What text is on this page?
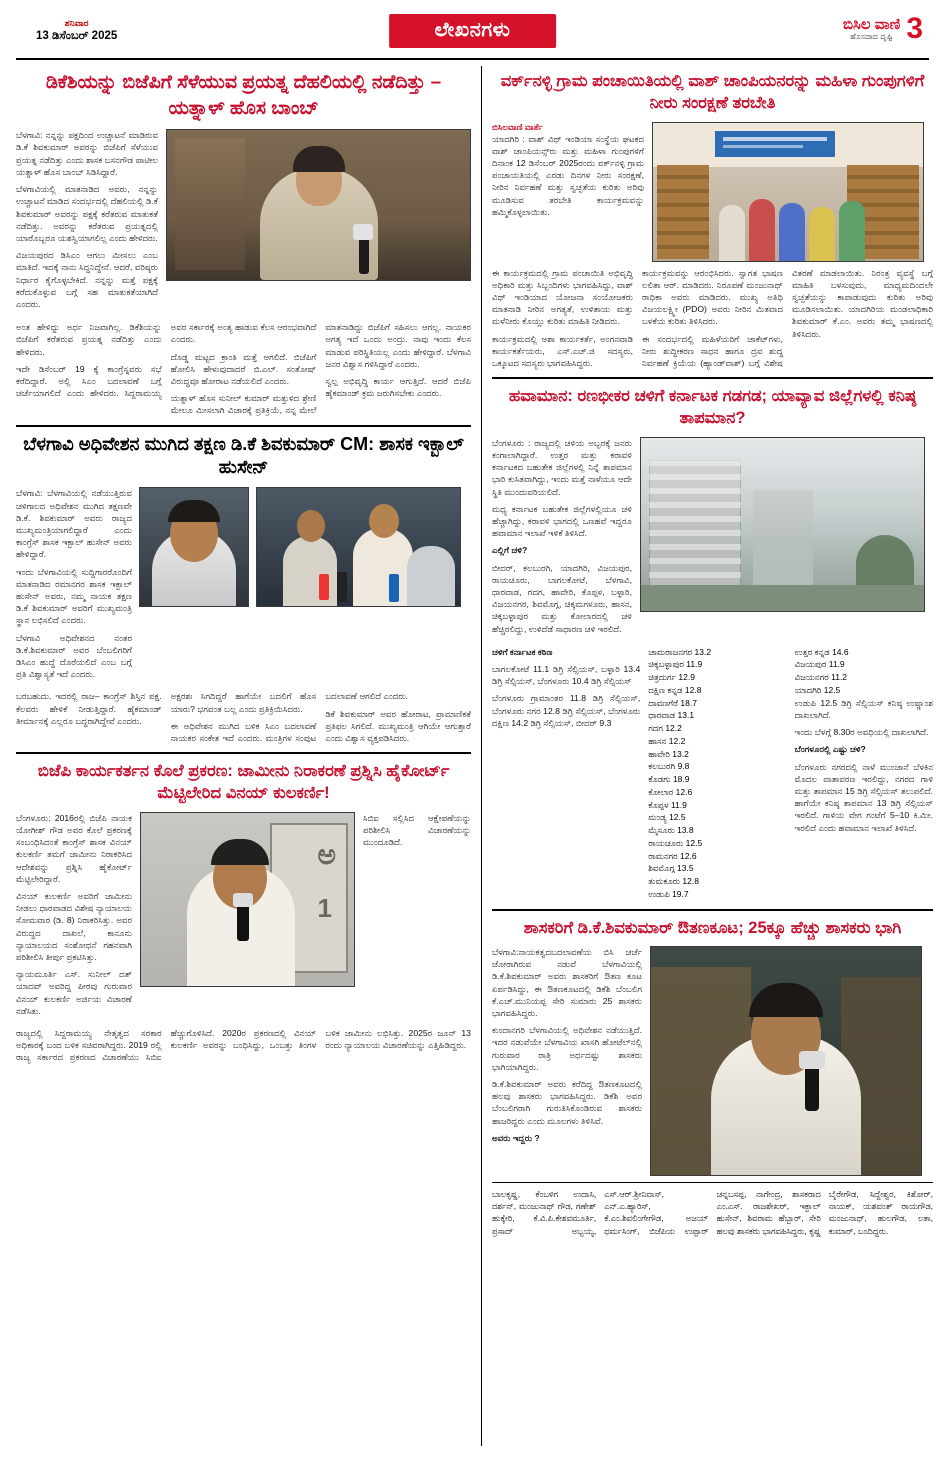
ಶನಿವಾರ
13 ಡಿಸೆಂಬರ್ 2025	ಲೇಖನಗಳು	ಬಿಸಿಲ ವಾಣಿ
ಹೊಸದಾದ ದೃಷ್ಟಿ 3
ಡಿಕೆಶಿಯನ್ನು ಬಿಜೆಪಿಗೆ ಸೆಳೆಯುವ ಪ್ರಯತ್ನ ದೆಹಲಿಯಲ್ಲಿ ನಡೆದಿತ್ತು – ಯತ್ನಾಳ್ ಹೊಸ ಬಾಂಬ್

ಬೆಳಗಾವಿ: ನನ್ನನ್ನು ಪಕ್ಷದಿಂದ ಉಚ್ಚಾಟನೆ ಮಾಡಿರುವ ಡಿ.ಕೆ ಶಿವಕುಮಾರ್ ಅವರನ್ನು ಬಿಜೆಪಿಗೆ ಸೆಳೆಯುವ ಪ್ರಯತ್ನ ನಡೆದಿತ್ತು ಎಂದು ಶಾಸಕ ಬಸನಗೌಡ ಪಾಟೀಲ ಯತ್ನಾಳ್ ಹೊಸ ಬಾಂಬ್ ಸಿಡಿಸಿದ್ದಾರೆ.

ಬೆಳಗಾವಿಯಲ್ಲಿ ಮಾತನಾಡಿದ ಅವರು, ನನ್ನನ್ನು ಉಚ್ಚಾಟನೆ ಮಾಡಿದ ಸಂದರ್ಭದಲ್ಲಿ ದೆಹಲಿಯಲ್ಲಿ ಡಿ.ಕೆ ಶಿವಕುಮಾರ್ ಅವರನ್ನು ಪಕ್ಷಕ್ಕೆ ಕರೆತರುವ ಮಾತುಕತೆ ನಡೆದಿತ್ತು. ಅವರನ್ನು ಕರೆತರುವ ಪ್ರಯತ್ನದಲ್ಲಿ ಯಾರೊಬ್ಬರೂ ಯಶಸ್ವಿಯಾಗಲಿಲ್ಲ ಎಂದು ಹೇಳಿದರು.

ವಿಜಯಪುರದ ಡಿಸಿಎಂ ಆಗಲು ಮೀಸಲು ಎಂಬ ಮಾತಿದೆ. ಇದಕ್ಕೆ ನಾನು ಸಿದ್ಧನಿದ್ದೇನೆ. ಆದರೆ, ವರಿಷ್ಠರು ನಿರ್ಧಾರ ಕೈಗೊಳ್ಳಬೇಕಿದೆ. ನನ್ನನ್ನು ಮತ್ತೆ ಪಕ್ಷಕ್ಕೆ ಕರೆದುಕೊಳ್ಳುವ ಬಗ್ಗೆ ಸಹ ಮಾತುಕತೆಯಾಗಿದೆ ಎಂದರು.

ಅಂತ ಹೇಳಿದ್ದು ಅರ್ಧ ನಿಜವಾಗಿಲ್ಲ. ಡಿಕೆಶಿಯನ್ನು ಬಿಜೆಪಿಗೆ ಕರೆತರುವ ಪ್ರಯತ್ನ ನಡೆದಿತ್ತು ಎಂದು ಹೇಳಿದರು.

ಇದೇ ಡಿಸೆಂಬರ್ 19 ಕ್ಕೆ ಕಾಂಗ್ರೆಸ್ನವರು ಸಭೆ ಕರೆದಿದ್ದಾರೆ. ಅಲ್ಲಿ ಸಿಎಂ ಬದಲಾವಣೆ ಬಗ್ಗೆ ಚರ್ಚೆಯಾಗಲಿದೆ ಎಂದು ಹೇಳಿದರು. ಸಿದ್ದರಾಮಯ್ಯ ಅವರ ಸರ್ಕಾರಕ್ಕೆ ಅಂತ್ಯ ಹಾಡುವ ಕೆಲಸ ಆರಂಭವಾಗಿದೆ ಎಂದರು.

ದೊಡ್ಡ ಮಟ್ಟದ ಕ್ರಾಂತಿ ಮತ್ತೆ ಆಗಲಿದೆ. ಬಿಜೆಪಿಗೆ ಹೋಲಿಸಿ ಹೇಳುವುದಾದರೆ ಬಿ.ಎಲ್. ಸಂತೋಷ್ ವಿರುದ್ಧವೂ ಹೋರಾಟ ನಡೆಯಲಿದೆ ಎಂದರು.

ಯತ್ನಾಳ್ ಹೊಸ ಸುನೀಲ್ ಕುಮಾರ್ ಮತ್ತುಳಿದ ಶ್ರೇಣಿ ಮೇಲೂ ಮೀಸಲಾಗಿ ವಿಚಾರಕ್ಕೆ ಪ್ರತಿಕ್ರಿಯೆ, ನನ್ನ ಮೇಲೆ ಮಾತನಾಡಿದ್ದು ಬಿಜೆಪಿಗೆ ಸಹಿಸಲು ಆಗಲ್ಲ. ನಾಯಕರ ಅಗತ್ಯ ಇದೆ ಒಂದು ಅಂದ್ರು. ನಾವು ಇಂದು ಕೆಲಸ ಮಾಡುವ ಪರಿಸ್ಥಿತಿಯಲ್ಲ ಎಂದು ಹೇಳಿದ್ದಾರೆ. ಬೆಳಗಾವಿ ಜನರ ವಿಶ್ವಾಸ ಗಳಿಸಿದ್ದಾರೆ ಎಂದರು.

ಸ್ವಲ್ಪ ಅಭಿವೃದ್ಧಿ ಕಾರ್ಯ ಆಗುತ್ತಿದೆ. ಆದರೆ ಬಿಜೆಪಿ ಹೈಕಮಾಂಡ್ ಕ್ರಮ ಜರುಗಿಸಬೇಕು ಎಂದರು.

ಬೆಳಗಾವಿ ಅಧಿವೇಶನ ಮುಗಿದ ತಕ್ಷಣ ಡಿ.ಕೆ ಶಿವಕುಮಾರ್ CM: ಶಾಸಕ ಇಕ್ಬಾಲ್ ಹುಸೇನ್

ಬೆಳಗಾವಿ: ಬೆಳಗಾವಿಯಲ್ಲಿ ನಡೆಯುತ್ತಿರುವ ಚಳಿಗಾಲದ ಅಧಿವೇಶನ ಮುಗಿದ ತಕ್ಷಣವೇ ಡಿ.ಕೆ. ಶಿವಕುಮಾರ್ ಅವರು ರಾಜ್ಯದ ಮುಖ್ಯಮಂತ್ರಿಯಾಗಲಿದ್ದಾರೆ ಎಂದು ಕಾಂಗ್ರೆಸ್ ಶಾಸಕ ಇಕ್ಬಾಲ್ ಹುಸೇನ್ ಅವರು ಹೇಳಿದ್ದಾರೆ.

ಇಂದು ಬೆಳಗಾವಿಯಲ್ಲಿ ಸುದ್ದಿಗಾರರೊಂದಿಗೆ ಮಾತನಾಡಿದ ರಮಾನಗರ ಶಾಸಕ ಇಕ್ಬಾಲ್ ಹುಸೇನ್ ಅವರು, ನಮ್ಮ ನಾಯಕ ತಕ್ಷಣ ಡಿ.ಕೆ ಶಿವಕುಮಾರ್ ಅವರಿಗೆ ಮುಖ್ಯಮಂತ್ರಿ ಸ್ಥಾನ ಲಭಿಸಲಿದೆ ಎಂದರು.

ಬೆಳಗಾವಿ ಅಧಿವೇಶನದ ನಂತರ ಡಿ.ಕೆ.ಶಿವಕುಮಾರ್ ಅವರ ಬೆಂಬಲಿಗರಿಗೆ ಡಿಸಿಎಂ ಹುದ್ದೆ ದೊರೆಯಲಿದೆ ಎಂಬ ಬಗ್ಗೆ ಪ್ರತಿ ವಿಶ್ವಾಸ್ಯತೆ ಇದೆ ಎಂದರು.

ಬರಬಹುದು. ಇದರಲ್ಲಿ ರಾಜ– ಕಾಂಗ್ರೆಸ್ ಶಿಸ್ತಿನ ಪಕ್ಷ. ಕೆಲವರು ಹೇಳಿಕೆ ನೀಡುತ್ತಿದ್ದಾರೆ. ಹೈಕಮಾಂಡ್ ತೀರ್ಮಾನಕ್ಕೆ ಎಲ್ಲರೂ ಬದ್ಧರಾಗಿದ್ದೇವೆ ಎಂದರು.

ಅಕ್ಷರಶಃ ಸಿಗದಿದ್ದರೆ ಹಾಗೆಯೇ ಬದಲಿಗೆ ಹೊಸ ಯಾರು? ಭಗವಂತ ಬಲ್ಲ ಎಂದು ಪ್ರತಿಕ್ರಿಯಿಸಿದರು.

ಈ ಅಧಿವೇಶನ ಮುಗಿದ ಬಳಿಕ ಸಿಎಂ ಬದಲಾವಣೆ ನಾಯಕರ ಸಂಕೇತ ಇದೆ ಎಂದರು. ಮಂತ್ರಿಗಳ ಸಂಪುಟ ಬದಲಾವಣೆ ಆಗಲಿದೆ ಎಂದರು.

ಡಿಕೆ ಶಿವಕುಮಾರ್ ಅವರ ಹೋರಾಟ, ಪ್ರಾಮಾಣಿಕತೆ ಪ್ರತಿಫಲ ಸಿಗಲಿದೆ. ಮುಖ್ಯಮಂತ್ರಿ ಆಗಿಯೇ ಆಗುತ್ತಾರೆ ಎಂದು ವಿಶ್ವಾಸ ವ್ಯಕ್ತಪಡಿಸಿದರು.

ಬಿಜೆಪಿ ಕಾರ್ಯಕರ್ತನ ಕೊಲೆ ಪ್ರಕರಣ: ಜಾಮೀನು ನಿರಾಕರಣೆ ಪ್ರಶ್ನಿಸಿ ಹೈಕೋರ್ಟ್ ಮೆಟ್ಟಿಲೇರಿದ ವಿನಯ್ ಕುಲಕರ್ಣಿ!

ಬೆಂಗಳೂರು: 2016ರಲ್ಲಿ ಬಿಜೆಪಿ ನಾಯಕ ಯೋಗೀಶ್ ಗೌಡ ಅವರ ಕೊಲೆ ಪ್ರಕರಣಕ್ಕೆ ಸಂಬಂಧಿಸಿದಂತೆ ಕಾಂಗ್ರೆಸ್ ಶಾಸಕ ವಿನಯ್ ಕುಲಕರ್ಣಿ ತಮಗೆ ಜಾಮೀನು ನಿರಾಕರಿಸಿದ ಆದೇಶವನ್ನು ಪ್ರಶ್ನಿಸಿ ಹೈಕೋರ್ಟ್ ಮೆಟ್ಟಿಲೇರಿದ್ದಾರೆ.

ವಿನಯ್ ಕುಲಕರ್ಣಿ ಅವರಿಗೆ ಜಾಮೀನು ನೀಡಲು ಧಾರವಾಡದ ವಿಶೇಷ ನ್ಯಾಯಾಲಯ ಸೋಮವಾರ (ಡಿ. 8) ನಿರಾಕರಿಸಿತ್ತು. ಅವರ ವಿರುದ್ಧದ ದಾಖಲೆ, ಕಾನೂನು ನ್ಯಾಯಾಲಯದ ಸಂಶೋಧನೆ ಗಹನವಾಗಿ ಪರಿಶೀಲಿಸಿ ತೀರ್ಪು ಪ್ರಕಟಿಸಿತ್ತು.

ನ್ಯಾಯಮೂರ್ತಿ ಎಸ್. ಸುನೀಲ್ ದತ್ ಯಾದವ್ ಅವರಿದ್ದ ಪೀಠವು ಗುರುವಾರ ವಿನಯ್ ಕುಲಕರ್ಣಿ ಅರ್ಜಿಯ ವಿಚಾರಣೆ ನಡೆಸಿತು.

ಅ
1

ಸಿಬಿಐ ಸಲ್ಲಿಸಿದ ಆಕ್ಷೇಪಣೆಯನ್ನು ಪರಿಶೀಲಿಸಿ ವಿಚಾರಣೆಯನ್ನು ಮುಂದೂಡಿದೆ.

ರಾಜ್ಯದಲ್ಲಿ ಸಿದ್ದರಾಮಯ್ಯ ನೇತೃತ್ವದ ಸರಕಾರ ಅಧಿಕಾರಕ್ಕೆ ಬಂದ ಬಳಿಕ ಸಚಿವರಾಗಿದ್ದರು. 2019 ರಲ್ಲಿ ರಾಜ್ಯ ಸರ್ಕಾರದ ಪ್ರಕರಣದ ವಿಚಾರಣೆಯು ಸಿಬಿಐ ಹೆಚ್ಚುಗೊಳಿಸಿದೆ. 2020ರ ಪ್ರಕರಣದಲ್ಲಿ ವಿನಯ್ ಕುಲಕರ್ಣಿ ಅವರನ್ನು ಬಂಧಿಸಿದ್ದು, ಒಂಬತ್ತು ತಿಂಗಳ ಬಳಿಕ ಜಾಮೀನು ಲಭಿಸಿತ್ತು. 2025ರ ಜೂನ್ 13 ರಂದು ನ್ಯಾಯಾಲಯ ವಿಚಾರಣೆಯನ್ನು ಎತ್ತಿಹಿಡಿದ್ದರು.

ವರ್ಕ್‌ನಳ್ಳಿ ಗ್ರಾಮ ಪಂಚಾಯಿತಿಯಲ್ಲಿ ವಾಶ್ ಚಾಂಪಿಯನರನ್ನು ಮಹಿಳಾ ಗುಂಪುಗಳಿಗೆ ನೀರು ಸಂರಕ್ಷಣೆ ತರಬೇತಿ
ಬಿಸಿಲವಾಣಿ ವಾರ್ತೆ

ಯಾದಗಿರಿ : ವಾಶ್ ವಿಥ್ ಇಂಡಿಯಾ ಸಂಸ್ಥೆಯ ಘಟಕದ ವಾಶ್ ಚಾಂಪಿಯನ್ಸ್‌ರು ಮತ್ತು ಮಹಿಳಾ ಗುಂಪುಗಳಿಗೆ ದಿನಾಂಕ 12 ಡಿಸೆಂಬರ್ 2025ರಂದು ವರ್ಕ್‌ನಳ್ಳಿ ಗ್ರಾಮ ಪಂಚಾಯತಿಯಲ್ಲಿ ಎರಡು ದಿನಗಳ ನೀರು ಸಂರಕ್ಷಣೆ, ನೀರಿನ ನಿರ್ವಹಣೆ ಮತ್ತು ಸ್ವಚ್ಛತೆಯ ಕುರಿತು ಅರಿವು ಮೂಡಿಸುವ ತರಬೇತಿ ಕಾರ್ಯಕ್ರಮವನ್ನು ಹಮ್ಮಿಕೊಳ್ಳಲಾಯಿತು.

ಈ ಕಾರ್ಯಕ್ರಮದಲ್ಲಿ ಗ್ರಾಮ ಪಂಚಾಯಿತಿ ಅಭಿವೃದ್ಧಿ ಅಧಿಕಾರಿ ಮತ್ತು ಸಿಬ್ಬಂದಿಗಳು ಭಾಗವಹಿಸಿದ್ದು, ವಾಶ್ ವಿಥ್ ಇಂಡಿಯಾದ ಯೋಜನಾ ಸಂಯೋಜಕರು ಮಾತನಾಡಿ ನೀರಿನ ಅಗತ್ಯತೆ, ಉಳಿತಾಯ ಮತ್ತು ಮಳೆನೀರು ಕೊಯ್ಲು ಕುರಿತು ಮಾಹಿತಿ ನೀಡಿದರು.

ಕಾರ್ಯಕ್ರಮದಲ್ಲಿ ಆಶಾ ಕಾರ್ಯಕರ್ತೆ, ಅಂಗನವಾಡಿ ಕಾರ್ಯಕರ್ತೆಯರು, ಎಸ್.ಎಚ್.ಜಿ ಸದಸ್ಯರು, ಒಕ್ಕೂಟದ ಸದಸ್ಯರು ಭಾಗವಹಿಸಿದ್ದರು.

ಕಾರ್ಯಕ್ರಮವನ್ನು ಆರಂಭಿಸಿದರು. ಸ್ವಾಗತ ಭಾಷಣ ಲಲಿತಾ ಆರ್. ಮಾಡಿದರು. ನಿರೂಪಣೆ ಮಂಜುನಾಥ್ ರಾಧಿಕಾ ಅವರು ಮಾಡಿದರು. ಮುಖ್ಯ ಅತಿಥಿ ವಿಜಯಲಕ್ಷ್ಮೀ (PDO) ಅವರು ನೀರಿನ ಮಿತವಾದ ಬಳಕೆಯ ಕುರಿತು ತಿಳಿಸಿದರು.

ಈ ಸಂದರ್ಭದಲ್ಲಿ ಮಹಿಳೆಯರಿಗೆ ಜಾಕೆಟ್‌ಗಳು, ನೀರು ಶುದ್ಧೀಕರಣ ಸಾಧನ ಹಾಗೂ ದ್ರವ ಶುದ್ಧ ನಿರ್ವಹಣೆ ಕ್ರಿಯೆಯ (ಹ್ಯಾಂಡ್‌ವಾಶ್) ಬಗ್ಗೆ ವಿಶೇಷ ವಿತರಣೆ ಮಾಡಲಾಯಿತು. ನಿರಂತ್ರ ವ್ಯವಸ್ಥೆ ಬಗ್ಗೆ ಮಾಹಿತಿ ಬಳಸುವುದು, ಮಾಧ್ಯಮದಿಂದಲೇ ಸ್ವಚ್ಛತೆಯನ್ನು ಕಾಪಾಡುವುದು ಕುರಿತು ಅರಿವು ಮೂಡಿಸಲಾಯಿತು. ಯಾದಗಿರಿಯ ಮಂಡಲಾಧಿಕಾರಿ ಶಿವಕುಮಾರ್ ಕೆ.ಎಂ. ಅವರು ತಮ್ಮ ಭಾಷಣದಲ್ಲಿ ತಿಳಿಸಿದರು.

ಹವಾಮಾನ: ರಣಭೀಕರ ಚಳಿಗೆ ಕರ್ನಾಟಕ ಗಡಗಡ; ಯಾವ್ಯಾವ ಜಿಲ್ಲೆಗಳಲ್ಲಿ ಕನಿಷ್ಠ ತಾಪಮಾನ?

ಬೆಂಗಳೂರು : ರಾಜ್ಯದಲ್ಲಿ ಚಳಿಯ ಅಬ್ಬರಕ್ಕೆ ಜನರು ಕಂಗಾಲಾಗಿದ್ದಾರೆ. ಉತ್ತರ ಮತ್ತು ಕರಾವಳಿ ಕರ್ನಾಟಕದ ಬಹುತೇಕ ಜಿಲ್ಲೆಗಳಲ್ಲಿ ನಿನ್ನೆ ತಾಪಮಾನ ಭಾರಿ ಕುಸಿತವಾಗಿದ್ದು, ಇಂದು ಮತ್ತೆ ನಾಳೆಯೂ ಆದೇ ಸ್ಥಿತಿ ಮುಂದುವರಿಯಲಿದೆ.

ಮಧ್ಯ ಕರ್ನಾಟಕ ಬಹುತೇಕ ಜಿಲ್ಲೆಗಳಲ್ಲಿಯೂ ಚಳಿ ಹೆಚ್ಚಾಗಿದ್ದು, ಕರಾವಳಿ ಭಾಗದಲ್ಲಿ ಒಣಹವೆ ಇದ್ದರೂ ಹವಾಮಾನ ಇಲಾಖೆ ಇಳಿಕೆ ತಿಳಿಸಿದೆ.

ಎಲ್ಲಿಗೆ ಚಳಿ?

ಬೀದರ್, ಕಲಬುರಗಿ, ಯಾದಗಿರಿ, ವಿಜಯಪುರ, ರಾಯಚೂರು, ಬಾಗಲಕೋಟೆ, ಬೆಳಗಾವಿ, ಧಾರವಾಡ, ಗದಗ, ಹಾವೇರಿ, ಕೊಪ್ಪಳ, ಬಳ್ಳಾರಿ, ವಿಜಯನಗರ, ಶಿವಮೊಗ್ಗ, ಚಿಕ್ಕಮಗಳೂರು, ಹಾಸನ, ಚಿಕ್ಕಬಳ್ಳಾಪುರ ಮತ್ತು ಕೋಲಾರದಲ್ಲಿ ಚಳಿ ಹೆಚ್ಚಿರಲಿದ್ದು, ಉಳಿದೆಡೆ ಸಾಧಾರಣ ಚಳಿ ಇರಲಿದೆ.

ಚಳಿಗೆ ಕರ್ನಾಟಕ ಕಠಿಣ

ಬಾಗಲಕೋಟೆ 11.1 ಡಿಗ್ರಿ ಸೆಲ್ಸಿಯಸ್, ಬಳ್ಳಾರಿ 13.4 ಡಿಗ್ರಿ ಸೆಲ್ಸಿಯಸ್, ಬೆಂಗಳೂರು 10.4 ಡಿಗ್ರಿ ಸೆಲ್ಸಿಯಸ್

ಬೆಂಗಳೂರು ಗ್ರಾಮಾಂತರ 11.8 ಡಿಗ್ರಿ ಸೆಲ್ಸಿಯಸ್, ಬೆಂಗಳೂರು ನಗರ 12.8 ಡಿಗ್ರಿ ಸೆಲ್ಸಿಯಸ್, ಬೆಂಗಳೂರು ದಕ್ಷಿಣ 14.2 ಡಿಗ್ರಿ ಸೆಲ್ಸಿಯಸ್, ಬೀದರ್ 9.3

ಚಾಮರಾಜನಗರ 13.2
ಚಿಕ್ಕಬಳ್ಳಾಪುರ 11.9
ಚಿತ್ರದುರ್ಗ 12.9
ದಕ್ಷಿಣ ಕನ್ನಡ 12.8
ದಾವಣಗೆರೆ 18.7
ಧಾರವಾಡ 13.1
ಗದಗ 12.2
ಹಾಸನ 12.2
ಹಾವೇರಿ 13.2
ಕಲಬುರಗಿ 9.8
ಕೊಡಗು 18.9
ಕೋಲಾರ 12.6
ಕೊಪ್ಪಳ 11.9
ಮಂಡ್ಯ 12.5
ಮೈಸೂರು 13.8
ರಾಯಚೂರು 12.5
ರಾಮನಗರ 12.6
ಶಿವಮೊಗ್ಗ 13.5
ತುಮಕೂರು 12.8
ಉಡುಪಿ 19.7
ಉತ್ತರ ಕನ್ನಡ 14.6
ವಿಜಯಪುರ 11.9
ವಿಜಯನಗರ 11.2
ಯಾದಗಿರಿ 12.5

ಉಡುಪಿ 12.5 ಡಿಗ್ರಿ ಸೆಲ್ಸಿಯಸ್ ಕನಿಷ್ಠ ಉಷ್ಣಾಂಶ ದಾಖಲಾಗಿದೆ.

ಇಂದು ಬೆಳಗ್ಗೆ 8.30ರ ಅವಧಿಯಲ್ಲಿ ದಾಖಲಾಗಿದೆ.

ಬೆಂಗಳೂರಲ್ಲಿ ಎಷ್ಟು ಚಳಿ?

ಬೆಂಗಳೂರು ನಗರದಲ್ಲಿ ನಾಳೆ ಮುಂಜಾನೆ ಬೆಳಕಿನ ಮೊದಲ ವಾತಾವರಣ ಇರಲಿದ್ದು, ನಗರದ ಗಾಳಿ ಮತ್ತು ತಾಪಮಾನ 15 ಡಿಗ್ರಿ ಸೆಲ್ಸಿಯಸ್ ತಲುಪಲಿದೆ. ಹಾಗೆಯೇ ಕನಿಷ್ಠ ತಾಪಮಾನ 13 ಡಿಗ್ರಿ ಸೆಲ್ಸಿಯಸ್ ಇರಲಿದೆ. ಗಾಳಿಯ ವೇಗ ಗಂಟೆಗೆ 5–10 ಕಿ.ಮೀ. ಇರಲಿದೆ ಎಂದು ಹವಾಮಾನ ಇಲಾಖೆ ತಿಳಿಸಿದೆ.

ಶಾಸಕರಿಗೆ ಡಿ.ಕೆ.ಶಿವಕುಮಾರ್ ಔತಣಕೂಟ; 25ಕ್ಕೂ ಹೆಚ್ಚು ಶಾಸಕರು ಭಾಗಿ

ಬೆಳಗಾವಿ:ನಾಯಕತ್ವದಬದಲಾವಣೆಯ ಬಿಸಿ ಚರ್ಚೆ ಜೋರಾಗಿರುವ ನಡುವೆ ಬೆಳಗಾವಿಯಲ್ಲಿ ಡಿ.ಕೆ.ಶಿವಕುಮಾರ್ ಅವರು ಶಾಸಕರಿಗೆ ಔತಣ ಕೂಟ ಏರ್ಪಡಿಸಿದ್ದು, ಈ ಔತಣಕೂಟದಲ್ಲಿ ಡಿಕೆಶಿ ಬೆಂಬಲಿಗ ಕೆ.ಎಚ್.ಮುನಿಯಪ್ಪ ಸೇರಿ ಸುಮಾರು 25 ಶಾಸಕರು ಭಾಗವಹಿಸಿದ್ದರು.

ಕುಂದಾನಗರಿ ಬೆಳಗಾವಿಯಲ್ಲಿ ಅಧಿವೇಶನ ನಡೆಯುತ್ತಿದೆ. ಇದರ ನಡುವೆಯೇ ಬೆಳಗಾವಿಯ ಖಾಸಗಿ ಹೋಟೆಲ್‌ನಲ್ಲಿ ಗುರುವಾರ ರಾತ್ರಿ ಅರ್ಧದಷ್ಟು ಶಾಸಕರು ಭಾಗಿಯಾಗಿದ್ದರು.

ಡಿ.ಕೆ.ಶಿವಕುಮಾರ್ ಅವರು ಕರೆದಿದ್ದ ಔತಣಕೂಟದಲ್ಲಿ ಹಲವು ಶಾಸಕರು ಭಾಗವಹಿಸಿದ್ದರು. ಡಿಕೆಶಿ ಅವರ ಬೆಂಬಲಿಗರಾಗಿ ಗುರುತಿಸಿಕೊಂಡಿರುವ ಶಾಸಕರು ಹಾಜರಿದ್ದರು ಎಂದು ಮೂಲಗಳು ತಿಳಿಸಿವೆ.

ಅವರು ಇದ್ದರು ?

ಬಾಲಕೃಷ್ಣ, ಕೆಂಬಳಿಗ ಉದಾಸಿ, ದರ್ಶನ್, ಮಂಜುನಾಥ್ ಗೌಡ, ಗಣೇಶ್ ಹುಕ್ಕೇರಿ, ಕೆ.ವಿ.ಪಿ.ಕೇಶವಮೂರ್ತಿ, ಪ್ರಸಾದ್ ಅಬ್ಬಯ್ಯ, ಎಸ್.ಆರ್.ಶ್ರೀನಿವಾಸ್, ಎನ್.ಎ.ಹ್ಯಾರಿಸ್, ಕೆ.ಎಂ.ಶಿವಲಿಂಗೇಗೌಡ, ಅಜಯ್ ಧರ್ಮಸಿಂಗ್, ಬಿಜೆಪಿಯ ಉಪ್ಪಾರ್ ಚನ್ನಬಸಪ್ಪ, ನಾಗೇಂದ್ರ, ಶಾಸಕರಾದ ಎಂ.ಎಸ್. ರಾಜಶೇಖರ್, ಇಕ್ಬಾಲ್ ಹುಸೇನ್, ಶಿವರಾಮ ಹೆಬ್ಬಾರ್, ಸೇರಿ ಹಲವು ಶಾಸಕರು ಭಾಗವಹಿಸಿದ್ದರು, ಕೃಷ್ಣ ಬೈರೇಗೌಡ, ಸಿದ್ದೇಶ್ವರ, ಕಿಶೋರ್, ನಾಯಕ್, ಯಶವಂತ್ ರಾಯಗೌಡ, ಮಂಜುನಾಥ್, ಹುಲಗೌಡ, ಲತಾ, ಕುಮಾರ್, ಬಂದಿದ್ದರು.
